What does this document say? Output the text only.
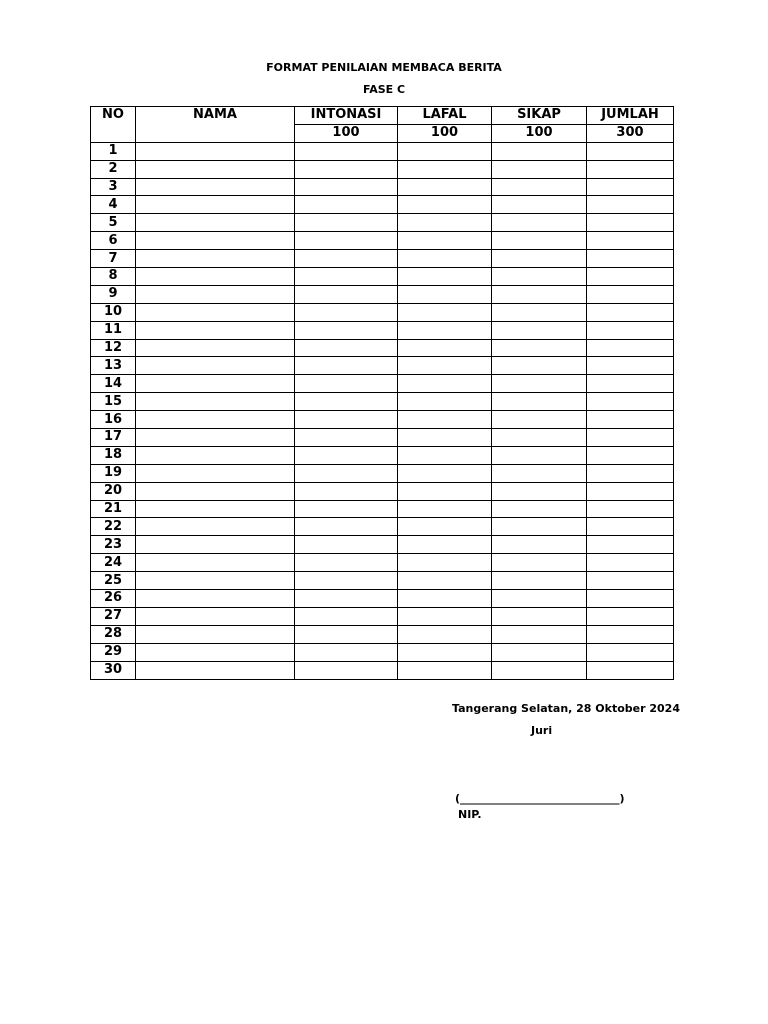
FORMAT PENILAIAN MEMBACA BERITA
FASE C
NO	NAMA	INTONASI	LAFAL	SIKAP	JUMLAH
		100	100	100	300
1					
2					
3					
4					
5					
6					
7					
8					
9					
10					
11					
12					
13					
14					
15					
16					
17					
18					
19					
20					
21					
22					
23					
24					
25					
26					
27					
28					
29					
30					
Tangerang Selatan, 28 Oktober 2024
Juri
(_____________________________)
NIP.
